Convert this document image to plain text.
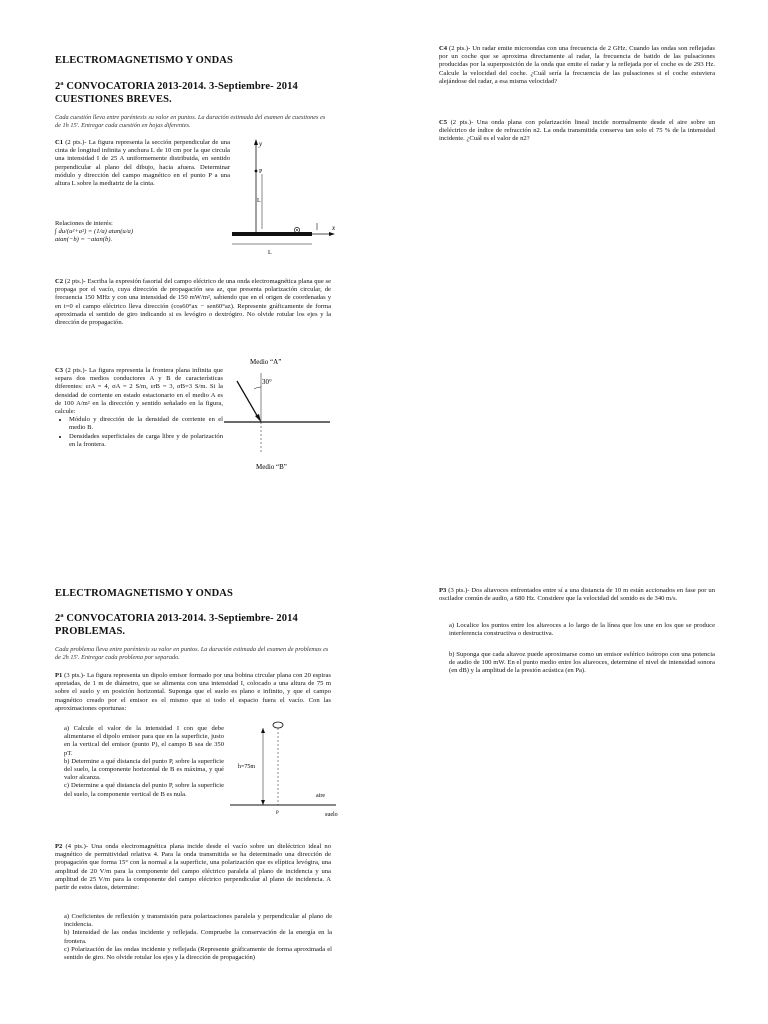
ELECTROMAGNETISMO Y ONDAS
2ª CONVOCATORIA 2013-2014. 3-Septiembre- 2014
CUESTIONES BREVES.
Cada cuestión lleva entre paréntesis su valor en puntos. La duración estimada del examen de cuestiones es de 1h 15'. Entregar cada cuestión en hojas diferentes.
C1 (2 pts.)- La figura representa la sección perpendicular de una cinta de longitud infinita y anchura L de 10 cm por la que circula una intensidad I de 25 A uniformemente distribuida, en sentido perpendicular al plano del dibujo, hacia afuera. Determinar módulo y dirección del campo magnético en el punto P a una altura L sobre la mediatriz de la cinta.
Relaciones de interés:
∫ du/(u²+a²) = (1/a) atan(u/a)
atan(−b) = −atan(b).
y
x
P
L
L
C2 (2 pts.)- Escriba la expresión fasorial del campo eléctrico de una onda electromagnética plana que se propaga por el vacío, cuya dirección de propagación sea az, que presenta polarización circular, de frecuencia 150 MHz y con una intensidad de 150 mW/m², sabiendo que en el origen de coordenadas y en t=0 el campo eléctrico lleva dirección (cos60°ax − sen60°az). Represente gráficamente de forma aproximada el sentido de giro indicando si es levógiro o dextrógiro. No olvide rotular los ejes y la dirección de propagación.
C3 (2 pts.)- La figura representa la frontera plana infinita que separa dos medios conductores A y B de características diferentes: εrA = 4, σA = 2 S/m, εrB = 3, σB=3 S/m. Si la densidad de corriente en estado estacionario en el medio A es de 100 A/m² en la dirección y sentido señalado en la figura, calcule:
• Módulo y dirección de la densidad de corriente en el medio B.
• Densidades superficiales de carga libre y de polarización en la frontera.
Medio “A”
30°
Medio “B”
C4 (2 pts.)- Un radar emite microondas con una frecuencia de 2 GHz. Cuando las ondas son reflejadas por un coche que se aproxima directamente al radar, la frecuencia de batido de las pulsaciones producidas por la superposición de la onda que emite el radar y la reflejada por el coche es de 293 Hz. Calcule la velocidad del coche. ¿Cuál sería la frecuencia de las pulsaciones si el coche estuviera alejándose del radar, a esa misma velocidad?
C5 (2 pts.)- Una onda plana con polarización lineal incide normalmente desde el aire sobre un dieléctrico de índice de refracción n2. La onda transmitida conserva tan solo el 75 % de la intensidad incidente. ¿Cuál es el valor de n2?
ELECTROMAGNETISMO Y ONDAS
2ª CONVOCATORIA 2013-2014. 3-Septiembre- 2014
PROBLEMAS.
Cada problema lleva entre paréntesis su valor en puntos. La duración estimada del examen de problemas es de 2h 15'. Entregar cada problema por separado.
P1 (3 pts.)- La figura representa un dipolo emisor formado por una bobina circular plana con 20 espiras apretadas, de 1 m de diámetro, que se alimenta con una intensidad I, colocado a una altura de 75 m sobre el suelo y en posición horizontal. Suponga que el suelo es plano e infinito, y que el campo magnético creado por el emisor es el mismo que si todo el espacio fuera el vacío. Con las aproximaciones oportunas:
a) Calcule el valor de la intensidad I con que debe alimentarse el dipolo emisor para que en la superficie, justo en la vertical del emisor (punto P), el campo B sea de 350 pT.
b) Determine a qué distancia del punto P, sobre la superficie del suelo, la componente horizontal de B es máxima, y qué valor alcanza.
c) Determine a qué distancia del punto P, sobre la superficie del suelo, la componente vertical de B es nula.
h=75m
aire
suelo
P
P2 (4 pts.)- Una onda electromagnética plana incide desde el vacío sobre un dieléctrico ideal no magnético de permitividad relativa 4. Para la onda transmitida se ha determinado una dirección de propagación que forma 15° con la normal a la superficie, una polarización que es elíptica levógira, una amplitud de 20 V/m para la componente del campo eléctrico paralela al plano de incidencia y una amplitud de 25 V/m para la componente del campo eléctrico perpendicular al plano de incidencia. A partir de estos datos, determine:
a) Coeficientes de reflexión y transmisión para polarizaciones paralela y perpendicular al plano de incidencia.
b) Intensidad de las ondas incidente y reflejada. Compruebe la conservación de la energía en la frontera.
c) Polarización de las ondas incidente y reflejada (Represente gráficamente de forma aproximada el sentido de giro. No olvide rotular los ejes y la dirección de propagación)
P3 (3 pts.)- Dos altavoces enfrentados entre sí a una distancia de 10 m están accionados en fase por un oscilador común de audio, a 680 Hz. Considere que la velocidad del sonido es de 340 m/s.
a) Localice los puntos entre los altavoces a lo largo de la línea que los une en los que se produce interferencia constructiva o destructiva.
b) Suponga que cada altavoz puede aproximarse como un emisor esférico isótropo con una potencia de audio de 100 mW. En el punto medio entre los altavoces, determine el nivel de intensidad sonora (en dB) y la amplitud de la presión acústica (en Pa).
